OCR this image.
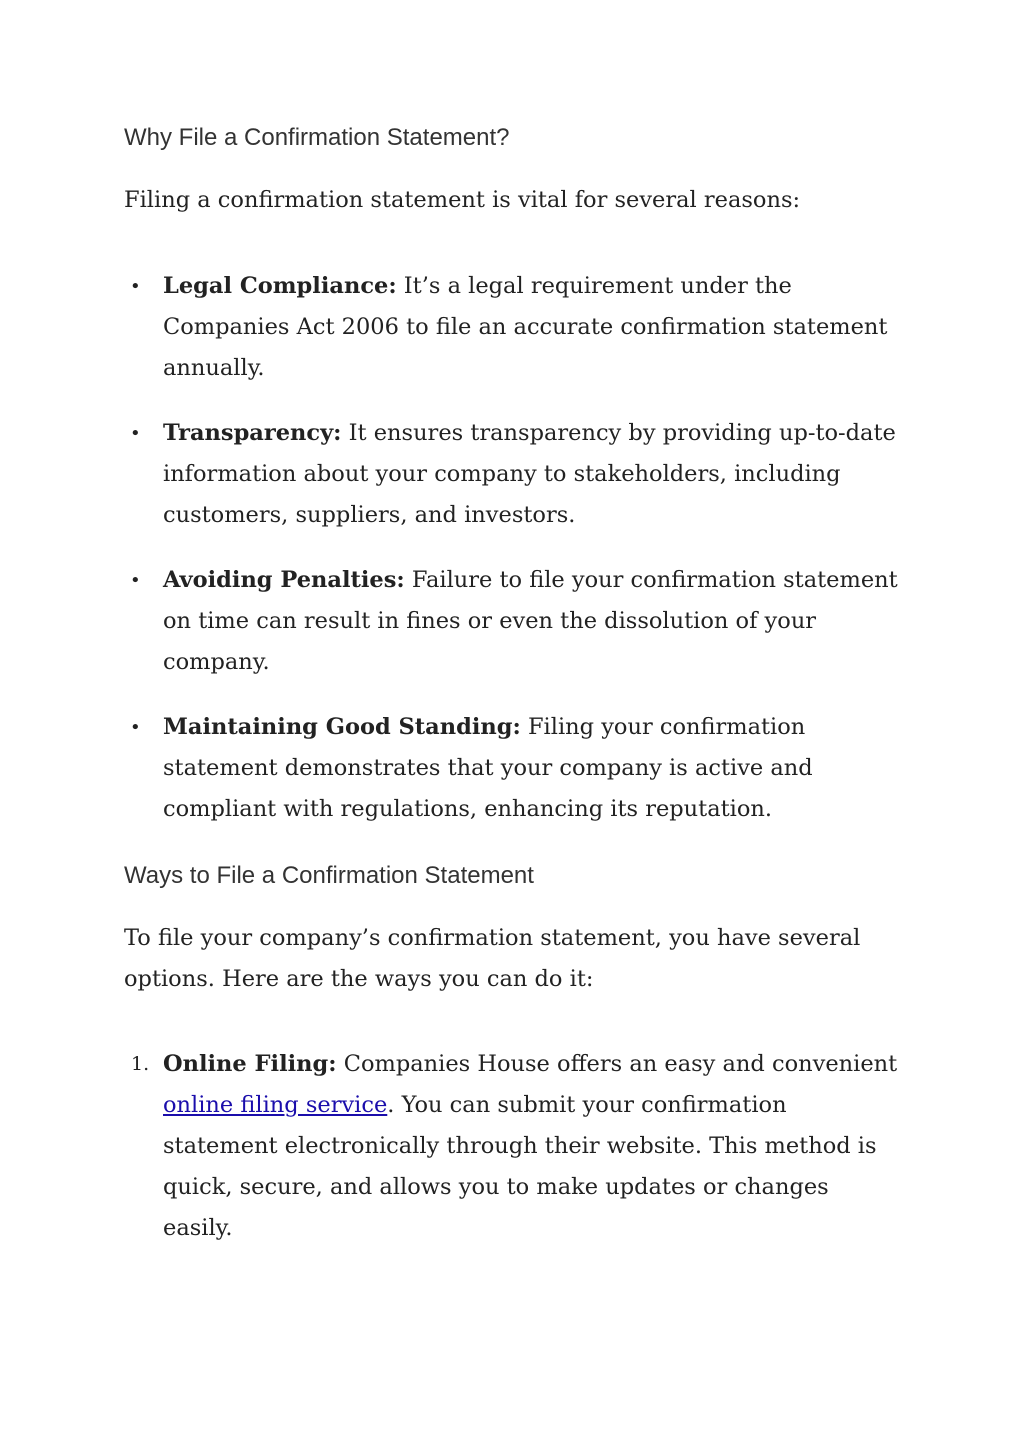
Why File a Confirmation Statement?

Filing a confirmation statement is vital for several reasons:

• Legal Compliance: It’s a legal requirement under the Companies Act 2006 to file an accurate confirmation statement annually.
• Transparency: It ensures transparency by providing up-to-date information about your company to stakeholders, including customers, suppliers, and investors.
• Avoiding Penalties: Failure to file your confirmation statement on time can result in fines or even the dissolution of your company.
• Maintaining Good Standing: Filing your confirmation statement demonstrates that your company is active and compliant with regulations, enhancing its reputation.
Ways to File a Confirmation Statement

To file your company’s confirmation statement, you have several options. Here are the ways you can do it:

1. Online Filing: Companies House offers an easy and convenient online filing service. You can submit your confirmation statement electronically through their website. This method is quick, secure, and allows you to make updates or changes easily.
